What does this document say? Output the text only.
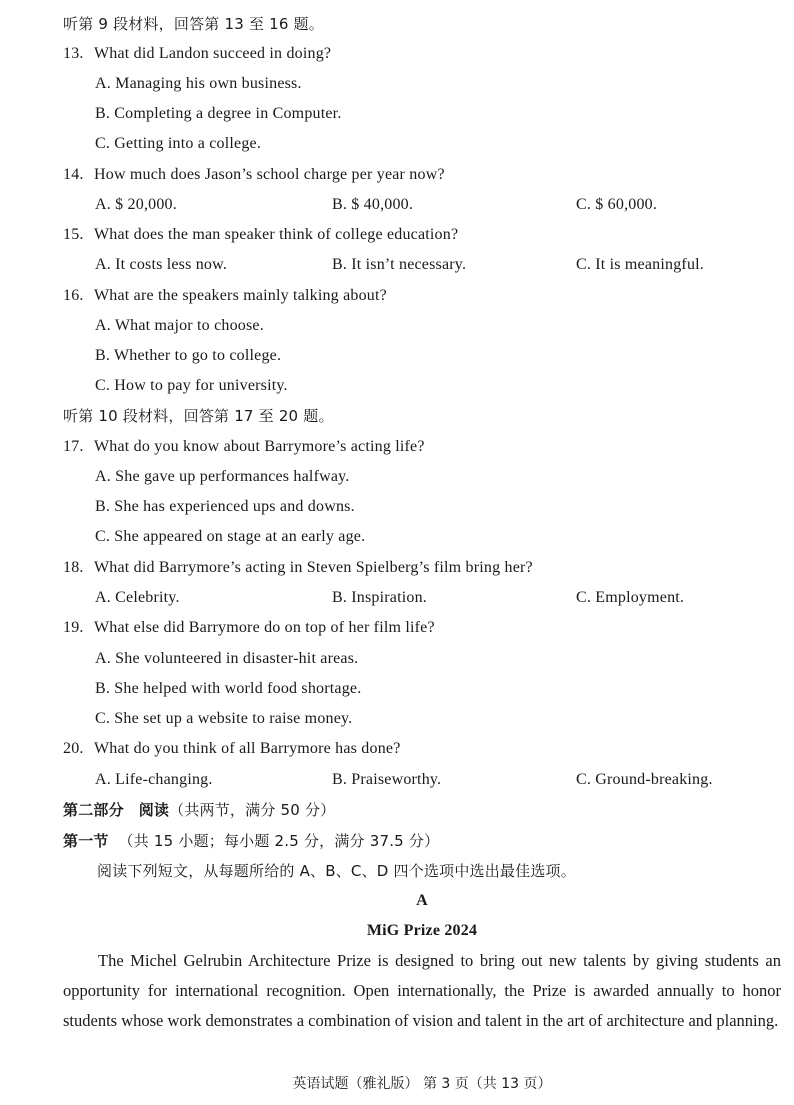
听第 9 段材料，回答第 13 至 16 题。
13. What did Landon succeed in doing?
A. Managing his own business.
B. Completing a degree in Computer.
C. Getting into a college.
14. How much does Jason’s school charge per year now?
A. $ 20,000.	B. $ 40,000.	C. $ 60,000.
15. What does the man speaker think of college education?
A. It costs less now.	B. It isn’t necessary.	C. It is meaningful.
16. What are the speakers mainly talking about?
A. What major to choose.
B. Whether to go to college.
C. How to pay for university.
听第 10 段材料，回答第 17 至 20 题。
17. What do you know about Barrymore’s acting life?
A. She gave up performances halfway.
B. She has experienced ups and downs.
C. She appeared on stage at an early age.
18. What did Barrymore’s acting in Steven Spielberg’s film bring her?
A. Celebrity.	B. Inspiration.	C. Employment.
19. What else did Barrymore do on top of her film life?
A. She volunteered in disaster-hit areas.
B. She helped with world food shortage.
C. She set up a website to raise money.
20. What do you think of all Barrymore has done?
A. Life-changing.	B. Praiseworthy.	C. Ground-breaking.
第二部分 阅读（共两节，满分 50 分）
第一节 （共 15 小题；每小题 2.5 分，满分 37.5 分）
阅读下列短文，从每题所给的 A、B、C、D 四个选项中选出最佳选项。
A
MiG Prize 2024

The Michel Gelrubin Architecture Prize is designed to bring out new talents by giving students an opportunity for international recognition. Open internationally, the Prize is awarded annually to honor students whose work demonstrates a combination of vision and talent in the art of architecture and planning.

英语试题（雅礼版） 第 3 页（共 13 页）
